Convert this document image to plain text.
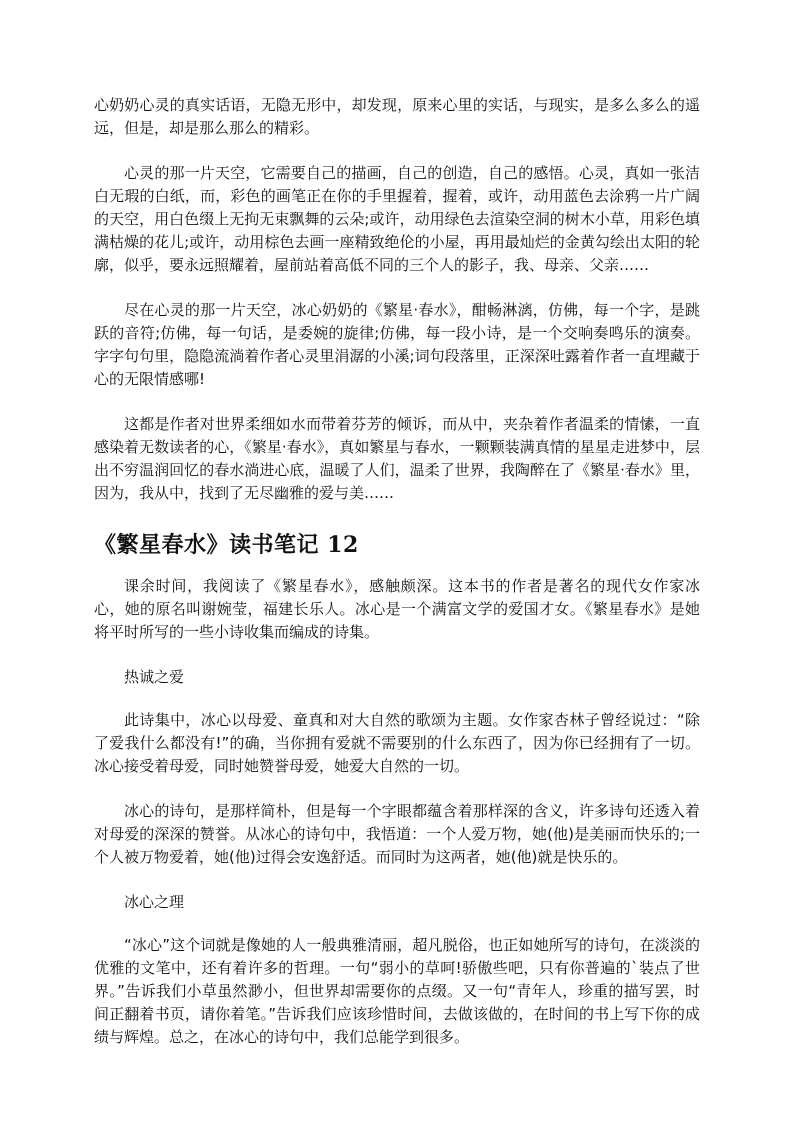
心奶奶心灵的真实话语，无隐无形中，却发现，原来心里的实话，与现实，是多么多么的遥远，但是，却是那么那么的精彩。

心灵的那一片天空，它需要自己的描画，自己的创造，自己的感悟。心灵，真如一张洁白无瑕的白纸，而，彩色的画笔正在你的手里握着，握着，或许，动用蓝色去涂鸦一片广阔的天空，用白色缀上无拘无束飘舞的云朵;或许，动用绿色去渲染空洞的树木小草，用彩色填满枯燥的花儿;或许，动用棕色去画一座精致绝伦的小屋，再用最灿烂的金黄勾绘出太阳的轮廓，似乎，要永远照耀着，屋前站着高低不同的三个人的影子，我、母亲、父亲……

尽在心灵的那一片天空，冰心奶奶的《繁星·春水》，酣畅淋漓，仿佛，每一个字，是跳跃的音符;仿佛，每一句话，是委婉的旋律;仿佛，每一段小诗，是一个交响奏鸣乐的演奏。字字句句里，隐隐流淌着作者心灵里涓潺的小溪;词句段落里，正深深吐露着作者一直埋藏于心的无限情感哪!

这都是作者对世界柔细如水而带着芬芳的倾诉，而从中，夹杂着作者温柔的情愫，一直感染着无数读者的心，《繁星·春水》，真如繁星与春水，一颗颗装满真情的星星走进梦中，层出不穷温润回忆的春水淌进心底，温暖了人们，温柔了世界，我陶醉在了《繁星·春水》里，因为，我从中，找到了无尽幽雅的爱与美……

《繁星春水》读书笔记 12

课余时间，我阅读了《繁星春水》，感触颇深。这本书的作者是著名的现代女作家冰心，她的原名叫谢婉莹，福建长乐人。冰心是一个满富文学的爱国才女。《繁星春水》是她将平时所写的一些小诗收集而编成的诗集。

热诚之爱

此诗集中，冰心以母爱、童真和对大自然的歌颂为主题。女作家杏林子曾经说过：“除了爱我什么都没有!”的确，当你拥有爱就不需要别的什么东西了，因为你已经拥有了一切。冰心接受着母爱，同时她赞誉母爱，她爱大自然的一切。

冰心的诗句，是那样简朴，但是每一个字眼都蕴含着那样深的含义，许多诗句还透入着对母爱的深深的赞誉。从冰心的诗句中，我悟道：一个人爱万物，她(他)是美丽而快乐的;一个人被万物爱着，她(他)过得会安逸舒适。而同时为这两者，她(他)就是快乐的。

冰心之理

“冰心”这个词就是像她的人一般典雅清丽，超凡脱俗，也正如她所写的诗句，在淡淡的优雅的文笔中，还有着许多的哲理。一句“弱小的草呵!骄傲些吧，只有你普遍的`装点了世界。”告诉我们小草虽然渺小，但世界却需要你的点缀。又一句“青年人，珍重的描写罢，时间正翻着书页，请你着笔。”告诉我们应该珍惜时间，去做该做的，在时间的书上写下你的成绩与辉煌。总之，在冰心的诗句中，我们总能学到很多。
